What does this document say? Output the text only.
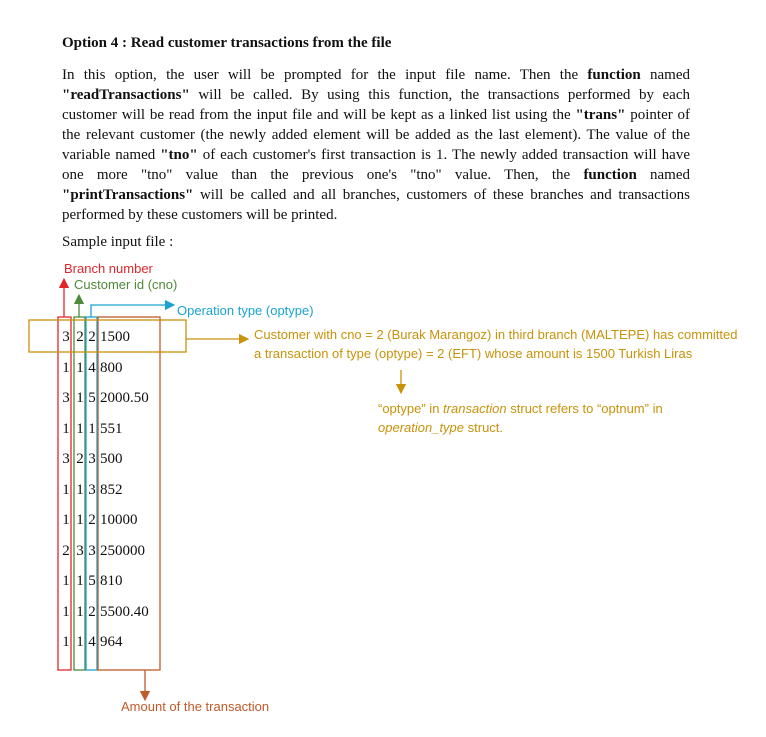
Option 4 : Read customer transactions from the file
In this option, the user will be prompted for the input file name. Then the function named "readTransactions" will be called. By using this function, the transactions performed by each customer will be read from the input file and will be kept as a linked list using the "trans" pointer of the relevant customer (the newly added element will be added as the last element). The value of the variable named "tno" of each customer's first transaction is 1. The newly added transaction will have one more "tno" value than the previous one's "tno" value. Then, the function named "printTransactions" will be called and all branches, customers of these branches and transactions performed by these customers will be printed.
Sample input file :
Branch number
Customer id (cno)
Operation type (optype)
Amount of the transaction
Customer with cno = 2 (Burak Marangoz) in third branch (MALTEPE) has committed
a transaction of type (optype) = 2 (EFT) whose amount is 1500 Turkish Liras
“optype” in transaction struct refers to “optnum” in
operation_type struct.
3 2 2 1500
1 1 4 800
3 1 5 2000.50
1 1 1 551
3 2 3 500
1 1 3 852
1 1 2 10000
2 3 3 250000
1 1 5 810
1 1 2 5500.40
1 1 4 964
